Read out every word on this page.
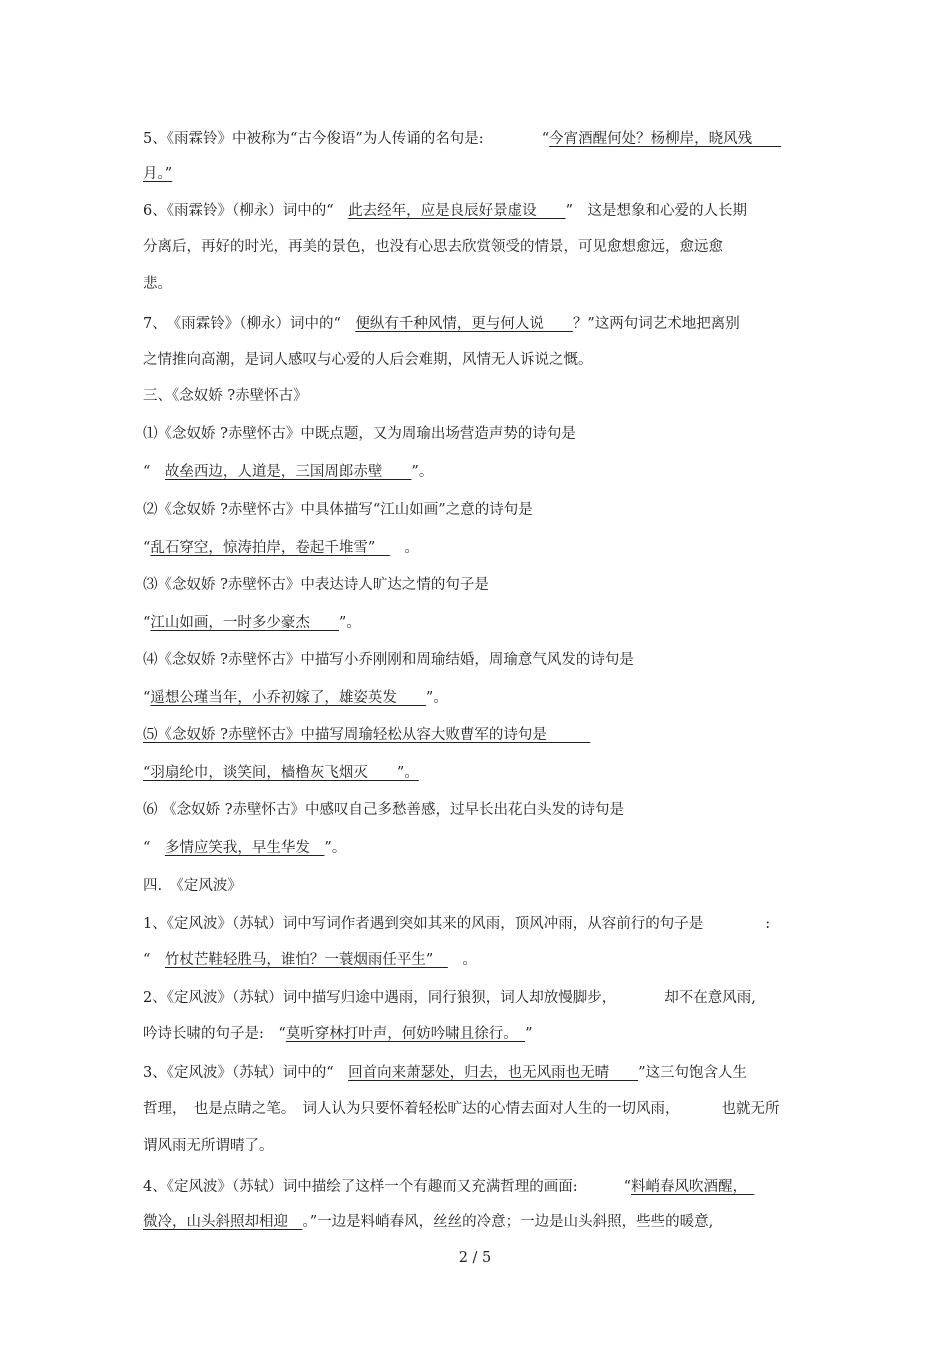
5、《雨霖铃》中被称为“古今俊语”为人传诵的名句是:	“今宵酒醒何处？杨柳岸，晓风残　　
月。”
6、《雨霖铃》（柳永）词中的“　此去经年，应是良辰好景虚设　　”　这是想象和心爱的人长期
分离后，再好的时光，再美的景色，也没有心思去欣赏领受的情景，可见愈想愈远，愈远愈
悲。
7、　《雨霖铃》（柳永）词中的“　便纵有千种风情，更与何人说　　？”这两句词艺术地把离别
之情推向高潮，是词人感叹与心爱的人后会难期，风情无人诉说之慨。
三、《念奴娇 ?赤壁怀古》
⑴《念奴娇 ?赤壁怀古》中既点题，又为周瑜出场营造声势的诗句是
“　故垒西边，人道是，三国周郎赤壁　　”。
⑵《念奴娇 ?赤壁怀古》中具体描写“江山如画”之意的诗句是
“乱石穿空，惊涛拍岸，卷起千堆雪”　　。
⑶《念奴娇 ?赤壁怀古》中表达诗人旷达之情的句子是
“江山如画，一时多少豪杰　　”。
⑷《念奴娇 ?赤壁怀古》中描写小乔刚刚和周瑜结婚，周瑜意气风发的诗句是
“遥想公瑾当年，小乔初嫁了，雄姿英发　　”。
⑸《念奴娇 ?赤壁怀古》中描写周瑜轻松从容大败曹军的诗句是　　　
“羽扇纶巾，谈笑间，樯橹灰飞烟灭　　”。
⑹ 《念奴娇 ?赤壁怀古》中感叹自己多愁善感，过早长出花白头发的诗句是
“　多情应笑我，早生华发　”。
四.　《定风波》
1、《定风波》（苏轼）词中写词作者遇到突如其来的风雨，顶风冲雨，从容前行的句子是	:
“　竹杖芒鞋轻胜马，谁怕？一蓑烟雨任平生”　　。
2、《定风波》（苏轼）词中描写归途中遇雨，同行狼狈，词人却放慢脚步，	却不在意风雨,
吟诗长啸的句子是:　“莫听穿林打叶声，何妨吟啸且徐行。　”
3、《定风波》（苏轼）词中的“　回首向来萧瑟处，归去，也无风雨也无晴　　”这三句饱含人生
哲理，　也是点睛之笔。　词人认为只要怀着轻松旷达的心情去面对人生的一切风雨，	也就无所
谓风雨无所谓晴了。
4、《定风波》（苏轼）词中描绘了这样一个有趣而又充满哲理的画面:	“料峭春风吹酒醒，　
微冷，山头斜照却相迎　。”一边是料峭春风，丝丝的冷意；一边是山头斜照，些些的暖意,
2 / 5
